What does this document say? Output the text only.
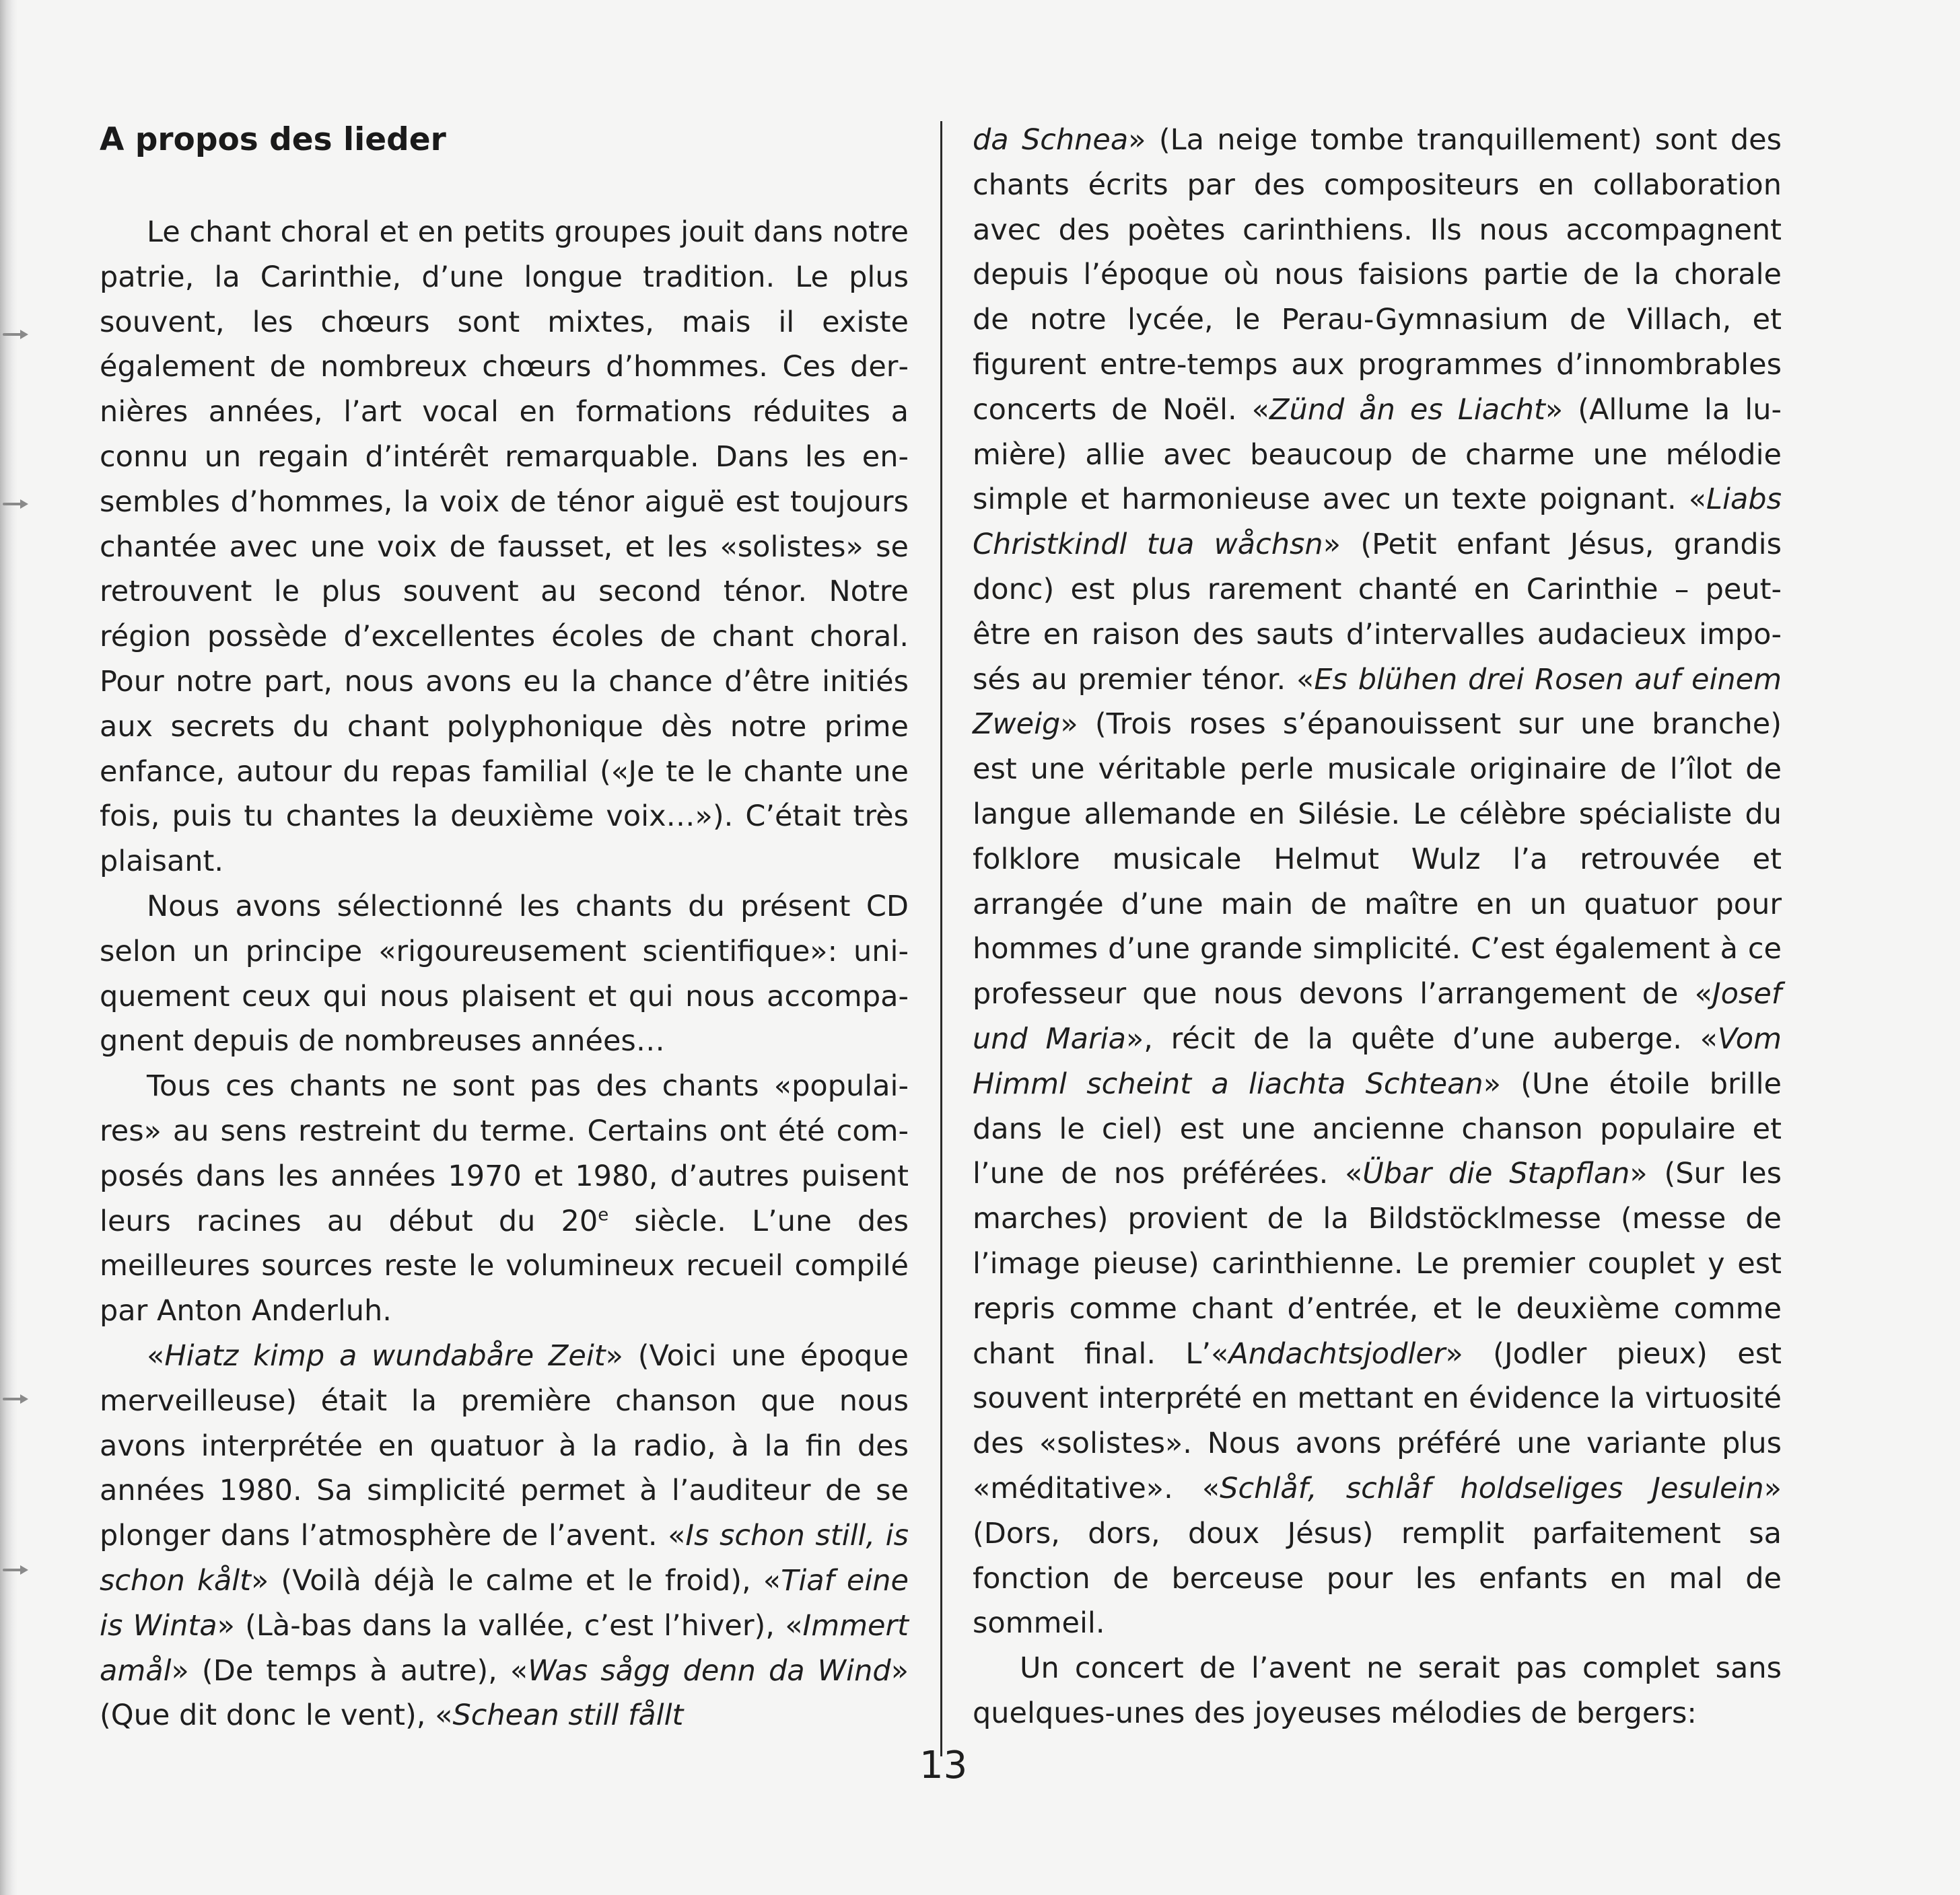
A propos des lieder

Le chant choral et en petits groupes jouit dans notre patrie, la Carinthie, d’une longue tradition. Le plus souvent, les chœurs sont mixtes, mais il existe également de nombreux chœurs d’hommes. Ces dernières années, l’art vocal en formations réduites a connu un regain d’intérêt remarquable. Dans les ensembles d’hommes, la voix de ténor aiguë est toujours chantée avec une voix de fausset, et les «solistes» se retrouvent le plus souvent au second ténor. Notre région possède d’excellentes écoles de chant choral. Pour notre part, nous avons eu la chance d’être initiés aux secrets du chant polyphonique dès notre prime enfance, autour du repas familial («Je te le chante une fois, puis tu chantes la deuxième voix…»). C’était très plaisant.

Nous avons sélectionné les chants du présent CD selon un principe «rigoureusement scientifique»: uniquement ceux qui nous plaisent et qui nous accompagnent depuis de nombreuses années…

Tous ces chants ne sont pas des chants «populaires» au sens restreint du terme. Certains ont été composés dans les années 1970 et 1980, d’autres puisent leurs racines au début du 20e siècle. L’une des meilleures sources reste le volumineux recueil compilé par Anton Anderluh.

«Hiatz kimp a wundabåre Zeit» (Voici une époque merveilleuse) était la première chanson que nous avons interprétée en quatuor à la radio, à la fin des années 1980. Sa simplicité permet à l’auditeur de se plonger dans l’atmosphère de l’avent. «Is schon still, is schon kålt» (Voilà déjà le calme et le froid), «Tiaf eine is Winta» (Là-bas dans la vallée, c’est l’hiver), «Immert amål» (De temps à autre), «Was sågg denn da Wind» (Que dit donc le vent), «Schean still fållt

da Schnea» (La neige tombe tranquillement) sont des chants écrits par des compositeurs en collaboration avec des poètes carinthiens. Ils nous accompagnent depuis l’époque où nous faisions partie de la chorale de notre lycée, le Perau-Gymnasium de Villach, et figurent entre-temps aux programmes d’innombrables concerts de Noël. «Zünd ån es Liacht» (Allume la lumière) allie avec beaucoup de charme une mélodie simple et harmonieuse avec un texte poignant. «Liabs Christkindl tua wåchsn» (Petit enfant Jésus, grandis donc) est plus rarement chanté en Carinthie – peut-être en raison des sauts d’intervalles audacieux imposés au premier ténor. «Es blühen drei Rosen auf einem Zweig» (Trois roses s’épanouissent sur une branche) est une véritable perle musicale originaire de l’îlot de langue allemande en Silésie. Le célèbre spécialiste du folklore musicale Helmut Wulz l’a retrouvée et arrangée d’une main de maître en un quatuor pour hommes d’une grande simplicité. C’est également à ce professeur que nous devons l’arrangement de «Josef und Maria», récit de la quête d’une auberge. «Vom Himml scheint a liachta Schtean» (Une étoile brille dans le ciel) est une ancienne chanson populaire et l’une de nos préférées. «Übar die Stapflan» (Sur les marches) provient de la Bildstöcklmesse (messe de l’image pieuse) carinthienne. Le premier couplet y est repris comme chant d’entrée, et le deuxième comme chant final. L’«Andachtsjodler» (Jodler pieux) est souvent interprété en mettant en évidence la virtuosité des «solistes». Nous avons préféré une variante plus «méditative». «Schlåf, schlåf holdseliges Jesulein» (Dors, dors, doux Jésus) remplit parfaitement sa fonction de berceuse pour les enfants en mal de sommeil.

Un concert de l’avent ne serait pas complet sans quelques-unes des joyeuses mélodies de bergers:

13
